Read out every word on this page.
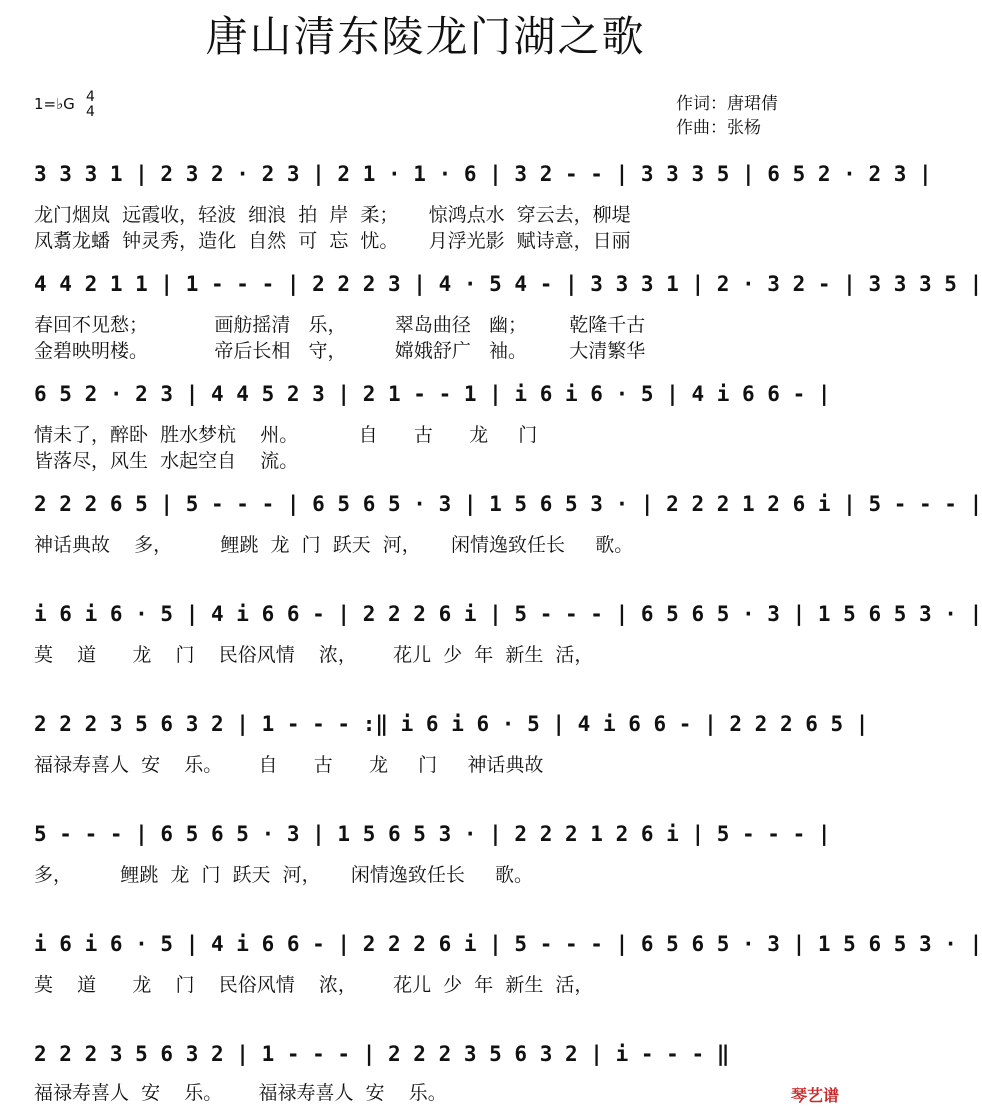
唐山清东陵龙门湖之歌
1=♭G 4
4	作词：唐珺倩
作曲：张杨
3 3 3 1 | 2 3 2 · 2 3 | 2 1 · 1 · 6 | 3 2 - - | 3 3 3 5 | 6 5 2 · 2 3 |
龙门烟岚  远霞收，轻波  细浪  拍  岸  柔；     惊鸿点水  穿云去，柳堤
凤翥龙蟠  钟灵秀，造化  自然  可  忘  忧。     月浮光影  赋诗意，日丽
4 4 2 1 1 | 1 - - - | 2 2 2 3 | 4 · 5 4 - | 3 3 3 1 | 2 · 3 2 - | 3 3 3 5 |
春回不见愁；           画舫摇清   乐，        翠岛曲径   幽；       乾隆千古
金碧映明楼。           帝后长相   守，        嫦娥舒广   袖。       大清繁华
6 5 2 · 2 3 | 4 4 5 2 3 | 2 1 - - 1 | i 6 i 6 · 5 | 4 i 6 6 - |
情未了，醉卧  胜水梦杭    州。          自      古      龙     门
皆落尽，风生  水起空自    流。
2 2 2 6 5 | 5 - - - | 6 5 6 5 · 3 | 1 5 6 5 3 · | 2 2 2 1 2 6 i | 5 - - - |
神话典故    多，        鲤跳  龙  门  跃天  河，     闲情逸致任长     歌。
i 6 i 6 · 5 | 4 i 6 6 - | 2 2 2 6 i | 5 - - - | 6 5 6 5 · 3 | 1 5 6 5 3 · |
莫    道      龙    门    民俗风情    浓，      花儿  少  年  新生  活，
2 2 2 3 5 6 3 2 | 1 - - - :‖ i 6 i 6 · 5 | 4 i 6 6 - | 2 2 2 6 5 |
福禄寿喜人  安    乐。      自      古      龙     门     神话典故
5 - - - | 6 5 6 5 · 3 | 1 5 6 5 3 · | 2 2 2 1 2 6 i | 5 - - - |
多，        鲤跳  龙  门  跃天  河，     闲情逸致任长     歌。
i 6 i 6 · 5 | 4 i 6 6 - | 2 2 2 6 i | 5 - - - | 6 5 6 5 · 3 | 1 5 6 5 3 · |
莫    道      龙    门    民俗风情    浓，      花儿  少  年  新生  活，
2 2 2 3 5 6 3 2 | 1 - - - | 2 2 2 3 5 6 3 2 | i - - - ‖
福禄寿喜人  安    乐。      福禄寿喜人  安    乐。	琴艺谱
